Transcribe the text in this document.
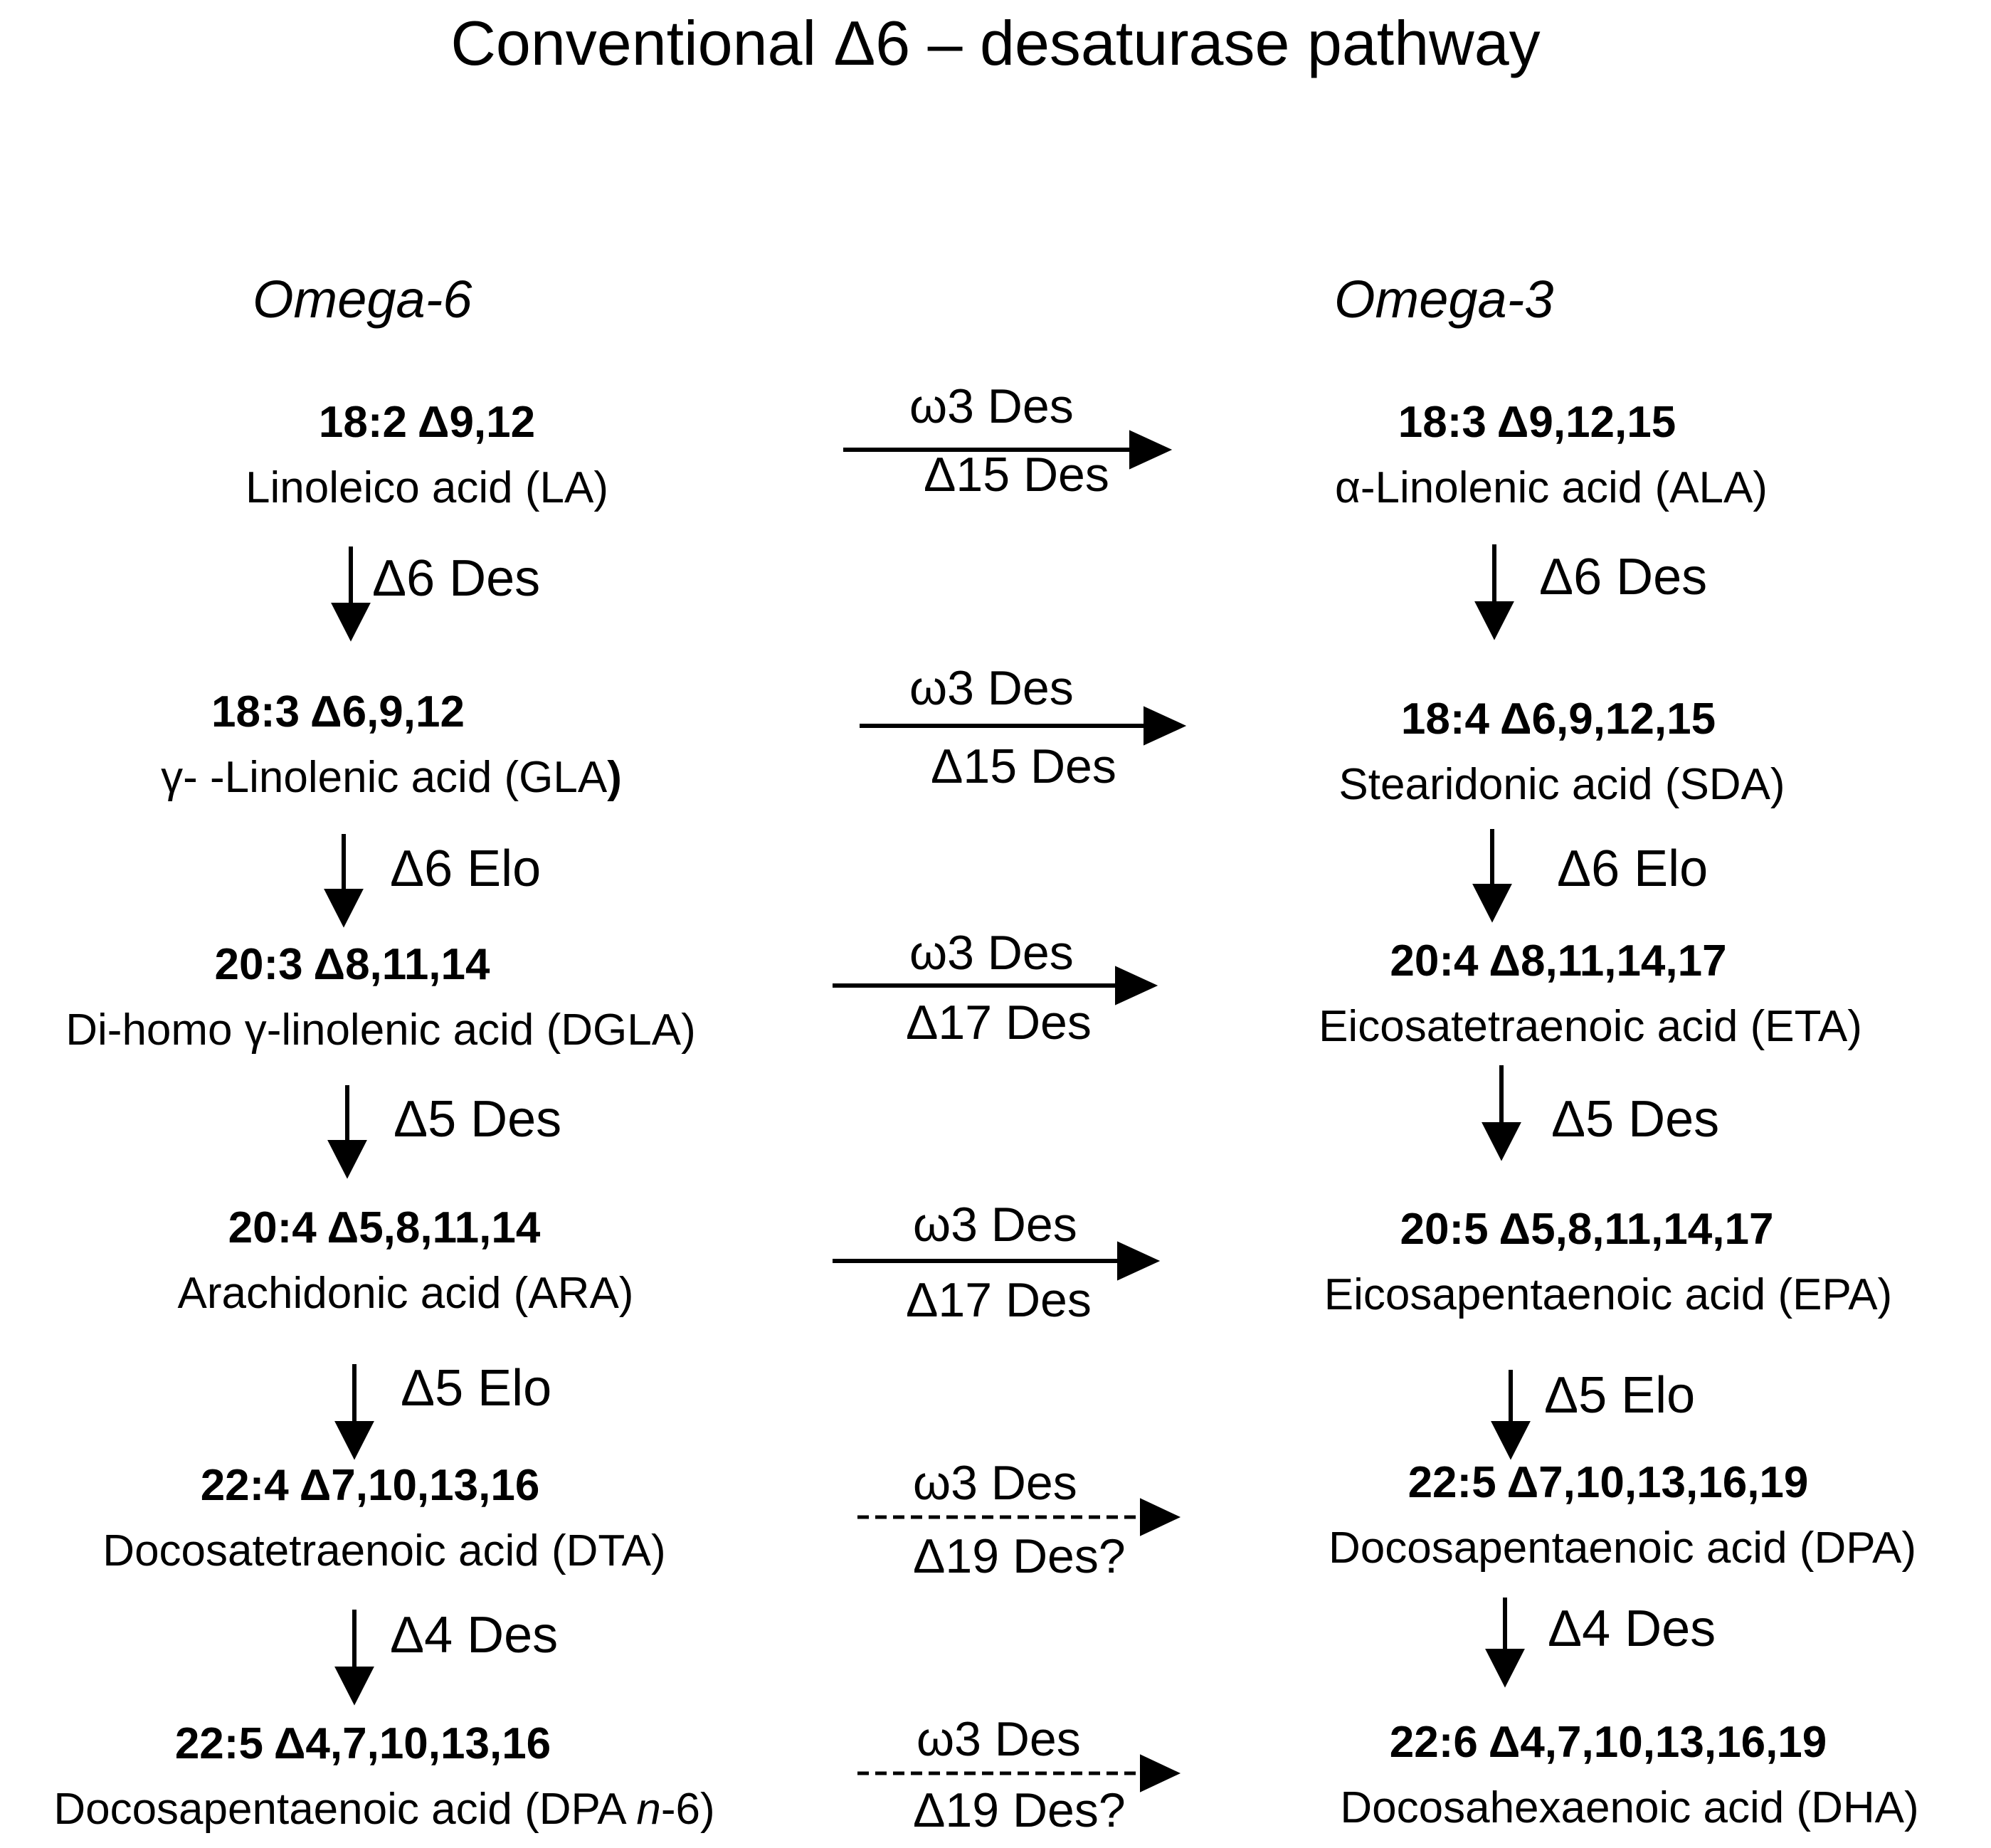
Conventional Δ6 – desaturase pathway
Omega-6	Omega-3
18:2 Δ9,12
Linoleico acid (LA)
18:3 Δ6,9,12
γ- -Linolenic acid (GLA)
20:3 Δ8,11,14
Di-homo γ-linolenic acid (DGLA)
20:4 Δ5,8,11,14
Arachidonic acid (ARA)
22:4 Δ7,10,13,16
Docosatetraenoic acid (DTA)
22:5 Δ4,7,10,13,16
Docosapentaenoic acid (DPA n-6)
18:3 Δ9,12,15
α-Linolenic acid (ALA)
18:4 Δ6,9,12,15
Stearidonic acid (SDA)
20:4 Δ8,11,14,17
Eicosatetraenoic acid (ETA)
20:5 Δ5,8,11,14,17
Eicosapentaenoic acid (EPA)
22:5 Δ7,10,13,16,19
Docosapentaenoic acid (DPA)
22:6 Δ4,7,10,13,16,19
Docosahexaenoic acid (DHA)
Δ6 Des
Δ6 Elo
Δ5 Des
Δ5 Elo
Δ4 Des
Δ6 Des
Δ6 Elo
Δ5 Des
Δ5 Elo
Δ4 Des
ω3 Des
Δ15 Des
ω3 Des
Δ15 Des
ω3 Des
Δ17 Des
ω3 Des
Δ17 Des
ω3 Des
Δ19 Des?
ω3 Des
Δ19 Des?
